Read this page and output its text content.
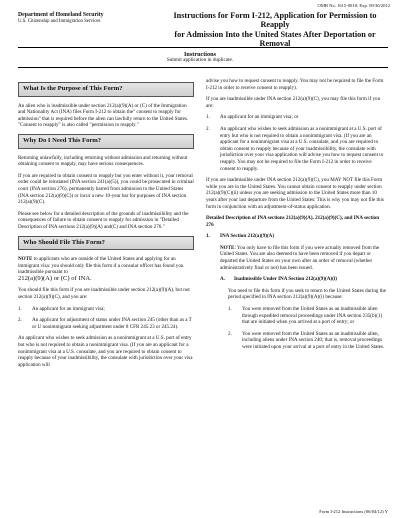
OMB No. 1615-0018; Exp. 09/30/2012
Department of Homeland Security
U.S. Citizenship and Immigration Services
Instructions for Form I-212, Application for Permission to Reapply
for Admission Into the United States After Deportation or Removal
Instructions
Submit application in duplicate.
What Is the Purpose of This Form?

An alien who is inadmissible under section 212(a)(9)(A) or (C) of the Immigration and Nationality Act (INA) files Form I-212 to obtain the" consent to reapply for admission" that is required before the alien can lawfully return to the United States. "Consent to reapply" is also called "permission to reapply."

Why Do I Need This Form?

Returning unlawfully, including returning without admission and returning without obtaining consent to reapply, may have serious consequences.

If you are required to obtain consent to reapply but you enter without it, your removal order could be reinstated (INA section 241(a)(5)), you could be prosecuted in criminal court (INA section 276), permanently barred from admission to the United States (INA section 212(a)(9)(C)) or incur a new 10-year bar for purposes of INA section 212(a)(9)(C).

Please see below for a detailed description of the grounds of inadmissibility and the consequences of failure to obtain consent to reapply for admission in "Detailed Description of INA sections 212(a)(9)(A) and(C) and INA section 276."

Who Should File This Form?

NOTE to applicants who are outside of the United States and applying for an immigrant visa: you should only file this form if a consular officer has found you inadmissible pursuant to
212(a)(9)(A) or (C) of INA.

You should file this form if you are inadmissible under section 212(a)(9)(A), but not section 212(a)(9)(C), and you are:

1.	An applicant for an immigrant visa;
2.	An applicant for adjustment of status under INA section 245 (other than as a T or U nonimmigrant seeking adjustment under 8 CFR 245.23 or 245.24).

An applicant who wishes to seek admission as a nonimmigrant at a U.S. port of entry but who is not required to obtain a nonimmigrant visa. (If you are an applicant for a nonimmigrant visa at a U.S. consulate, and you are required to obtain consent to reapply because of your inadmissibility, the consulate with jurisdiction over your visa application will

advise you how to request consent to reapply. You may not be required to file the Form I-212 in order to receive consent to reapply).

If you are inadmissible under INA section 212(a)(9)(C), you may file this form if you are:

1.	An applicant for an immigrant visa; or
2.	An applicant who wishes to seek admission as a nonimmigrant at a U.S. port of entry but who is not required to obtain a nonimmigrant visa. (If you are an applicant for a nonimmigrant visa at a U.S. consulate, and you are required to obtain consent to reapply because of your inadmissibility, the consulate with jurisdiction over your visa application will advise you how to request consent to reapply. You may not be required to file the Form I-212 in order to receive consent to reapply.

If you are inadmissible under INA section 212(a)(9)(C), you MAY NOT file this Form while you are in the United States. You cannot obtain consent to reapply under section 212(a)(9)(C)(ii) unless you are seeking admission to the United States more than 10 years after your last departure from the United States: This is why you may not file this form in conjunction with an adjustment-of-status application.

Detailed Description of INA sections 212(a)(9)(A), 212(a)(9)(C), and INA section 276

1.	INA Section 212(a)(9)(A)

NOTE: You only have to file this form if you were actually removed from the United States. You are also deemed to have been removed if you depart or departed the United States on your own after an order of removal (whether administratively final or not) has been issued.

A.	Inadmissible Under INA Section 212(a)(9)(A)(i)

You need to file this form if you seek to return to the United States during the period specified in INA section 212(a)(9)(A)(i) because:

1.	You were removed from the United States as an inadmissible alien through expedited removal proceedings under INA section 235(b)(1) that are initiated when you arrived at a port of entry; or
2.	You were removed from the United States as an inadmissible alien, including aliens under INA section 240; that is, removal proceedings were initiated upon your arrival at a port of entry in the United States.
Form I-212 Instructions (06/04/12) Y
